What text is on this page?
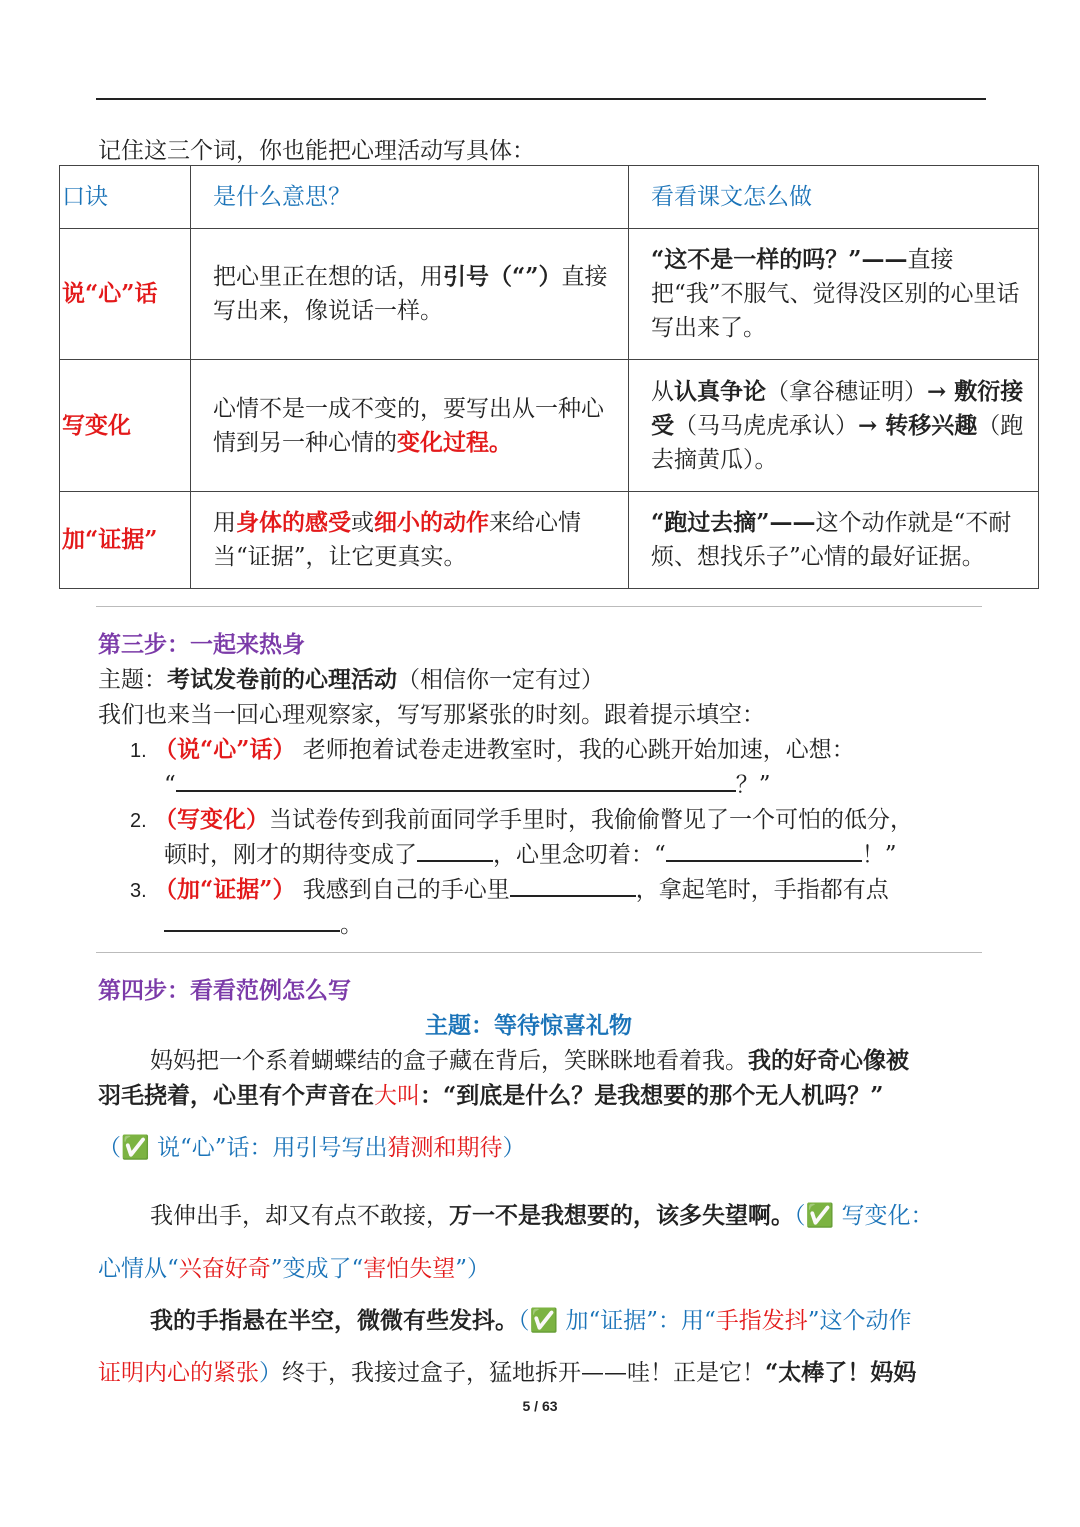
记住这三个词，你也能把心理活动写具体：
口诀	是什么意思？	看看课文怎么做

说“心”话	把心里正在想的话，用引号（“”）直接写出来，像说话一样。	“这不是一样的吗？”——直接把“我”不服气、觉得没区别的心里话写出来了。

写变化	心情不是一成不变的，要写出从一种心情到另一种心情的变化过程。	从认真争论（拿谷穗证明）→ 敷衍接受（马马虎虎承认）→ 转移兴趣（跑去摘黄瓜）。

加“证据”	用身体的感受或细小的动作来给心情当“证据”，让它更真实。	“跑过去摘”——这个动作就是“不耐烦、想找乐子”心情的最好证据。
第三步：一起来热身
主题：考试发卷前的心理活动（相信你一定有过）
我们也来当一回心理观察家，写写那紧张的时刻。跟着提示填空：
1. （说“心”话） 老师抱着试卷走进教室时，我的心跳开始加速，心想：
“	？”
2. （写变化）当试卷传到我前面同学手里时，我偷偷瞥见了一个可怕的低分，
顿时，刚才的期待变成了	，心里念叨着：“	！”
3. （加“证据”） 我感到自己的手心里	，拿起笔时，手指都有点
。
第四步：看看范例怎么写
主题：等待惊喜礼物
妈妈把一个系着蝴蝶结的盒子藏在背后，笑眯眯地看着我。我的好奇心像被
羽毛挠着，心里有个声音在大叫：“到底是什么？是我想要的那个无人机吗？”
（✅ 说“心”话：用引号写出猜测和期待）
我伸出手，却又有点不敢接，万一不是我想要的，该多失望啊。（✅ 写变化：
心情从“兴奋好奇”变成了“害怕失望”）
我的手指悬在半空，微微有些发抖。（✅ 加“证据”：用“手指发抖”这个动作
证明内心的紧张）终于，我接过盒子，猛地拆开——哇！正是它！“太棒了！妈妈
5 / 63
